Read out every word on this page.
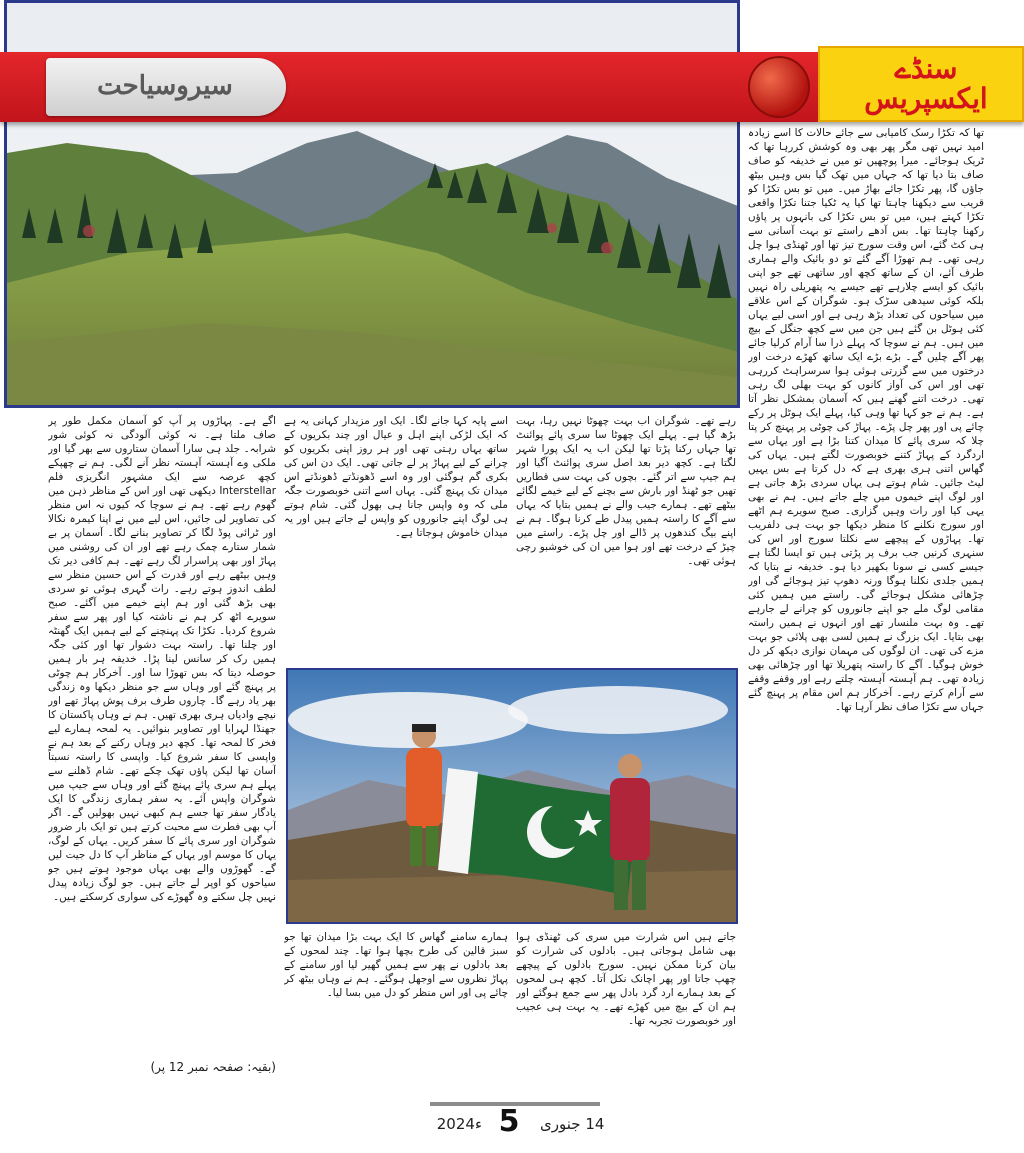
سیروسیاحت
سنڈے ایکسپریس
تھا کہ تکڑا رسک کامیابی سے جائے حالات کا اسے زیادہ امید نہیں تھی مگر پھر بھی وہ کوشش کررہا تھا کہ ٹریک ہوجائے۔ میرا پوچھیں تو میں نے خدیفہ کو صاف صاف بتا دیا تھا کہ جہاں میں تھک گیا بس وہیں بیٹھ جاؤں گا، پھر تکڑا جائے بھاڑ میں۔ میں تو بس تکڑا کو قریب سے دیکھنا چاہتا تھا کیا یہ ٹکیا جتنا تکڑا واقعی تکڑا کہتے ہیں، میں تو بس تکڑا کی بانہوں پر پاؤں رکھنا چاہتا تھا۔ بس آدھے راستے تو بہت آسانی سے ہی کٹ گئے، اس وقت سورج تیز تھا اور ٹھنڈی ہوا چل رہی تھی۔ ہم تھوڑا آگے گئے تو دو بائیک والے ہماری طرف آئے، ان کے ساتھ کچھ اور ساتھی تھے جو اپنی بائیک کو ایسے چلارہے تھے جیسے یہ پتھریلی راہ نہیں بلکہ کوئی سیدھی سڑک ہو۔ شوگران کے اس علاقے میں سیاحوں کی تعداد بڑھ رہی ہے اور اسی لیے یہاں کئی ہوٹل بن گئے ہیں جن میں سے کچھ جنگل کے بیچ میں ہیں۔ ہم نے سوچا کہ پہلے ذرا سا آرام کرلیا جائے پھر آگے چلیں گے۔ بڑے بڑے ایک ساتھ کھڑے درخت اور درختوں میں سے گزرتی ہوئی ہوا سرسراہٹ کررہی تھی اور اس کی آواز کانوں کو بہت بھلی لگ رہی تھی۔ درخت اتنے گھنے ہیں کہ آسمان بمشکل نظر آتا ہے۔ ہم نے جو کہا تھا وہی کیا، پہلے ایک ہوٹل پر رکے چائے پی اور پھر چل پڑے۔ پہاڑ کی چوٹی پر پہنچ کر پتا چلا کہ سری پائے کا میدان کتنا بڑا ہے اور یہاں سے اردگرد کے پہاڑ کتنے خوبصورت لگتے ہیں۔ یہاں کی گھاس اتنی ہری بھری ہے کہ دل کرتا ہے بس یہیں لیٹ جائیں۔ شام ہوتے ہی یہاں سردی بڑھ جاتی ہے اور لوگ اپنے خیموں میں چلے جاتے ہیں۔ ہم نے بھی یہی کیا اور رات وہیں گزاری۔ صبح سویرے ہم اٹھے اور سورج نکلنے کا منظر دیکھا جو بہت ہی دلفریب تھا۔ پہاڑوں کے پیچھے سے نکلتا سورج اور اس کی سنہری کرنیں جب برف پر پڑتی ہیں تو ایسا لگتا ہے جیسے کسی نے سونا بکھیر دیا ہو۔ خدیفہ نے بتایا کہ ہمیں جلدی نکلنا ہوگا ورنہ دھوپ تیز ہوجائے گی اور چڑھائی مشکل ہوجائے گی۔ راستے میں ہمیں کئی مقامی لوگ ملے جو اپنے جانوروں کو چرانے لے جارہے تھے۔ وہ بہت ملنسار تھے اور انہوں نے ہمیں راستہ بھی بتایا۔ ایک بزرگ نے ہمیں لسی بھی پلائی جو بہت مزے کی تھی۔ ان لوگوں کی مہمان نوازی دیکھ کر دل خوش ہوگیا۔ آگے کا راستہ پتھریلا تھا اور چڑھائی بھی زیادہ تھی۔ ہم آہستہ آہستہ چلتے رہے اور وقفے وقفے سے آرام کرتے رہے۔ آخرکار ہم اس مقام پر پہنچ گئے جہاں سے تکڑا صاف نظر آرہا تھا۔
رہے تھے۔ شوگران اب بہت چھوٹا نہیں رہا، بہت بڑھ گیا ہے۔ پہلے ایک چھوٹا سا سری پائے پوائنٹ تھا جہاں رکنا پڑتا تھا لیکن اب یہ ایک پورا شہر لگتا ہے۔ کچھ دیر بعد اصل سری پوائنٹ آگیا اور ہم جیپ سے اتر گئے۔ بچوں کی بہت سی قطاریں تھیں جو ٹھنڈ اور بارش سے بچنے کے لیے خیمے لگائے بیٹھے تھے۔ ہمارے جیب والے نے ہمیں بتایا کہ یہاں سے آگے کا راستہ ہمیں پیدل طے کرنا ہوگا۔ ہم نے اپنے بیگ کندھوں پر ڈالے اور چل پڑے۔ راستے میں چیڑ کے درخت تھے اور ہوا میں ان کی خوشبو رچی ہوئی تھی۔
اسے پایہ کہا جانے لگا۔ ایک اور مزیدار کہانی یہ ہے کہ ایک لڑکی اپنے اہل و عیال اور چند بکریوں کے ساتھ یہاں رہتی تھی اور ہر روز اپنی بکریوں کو چرانے کے لیے پہاڑ پر لے جاتی تھی۔ ایک دن اس کی بکری گم ہوگئی اور وہ اسے ڈھونڈتے ڈھونڈتے اس میدان تک پہنچ گئی۔ یہاں اسے اتنی خوبصورت جگہ ملی کہ وہ واپس جانا ہی بھول گئی۔ شام ہوتے ہی لوگ اپنے جانوروں کو واپس لے جاتے ہیں اور یہ میدان خاموش ہوجاتا ہے۔
اگے ہے۔ پہاڑوں پر آپ کو آسمان مکمل طور پر صاف ملتا ہے۔ نہ کوئی آلودگی نہ کوئی شور شرابہ۔ جلد ہی سارا آسمان ستاروں سے بھر گیا اور ملکی وے آہستہ آہستہ نظر آنے لگی۔ ہم نے چھپکے کچھ عرصہ سے ایک مشہور انگریزی فلم Interstellar دیکھی تھی اور اس کے مناظر ذہن میں گھوم رہے تھے۔ ہم نے سوچا کہ کیوں نہ اس منظر کی تصاویر لی جائیں، اس لیے میں نے اپنا کیمرہ نکالا اور ٹرائی پوڈ لگا کر تصاویر بنانے لگا۔ آسمان پر بے شمار ستارے چمک رہے تھے اور ان کی روشنی میں پہاڑ اور بھی پراسرار لگ رہے تھے۔ ہم کافی دیر تک وہیں بیٹھے رہے اور قدرت کے اس حسین منظر سے لطف اندوز ہوتے رہے۔ رات گہری ہوئی تو سردی بھی بڑھ گئی اور ہم اپنے خیمے میں آگئے۔ صبح سویرے اٹھ کر ہم نے ناشتہ کیا اور پھر سے سفر شروع کردیا۔ تکڑا تک پہنچنے کے لیے ہمیں ایک گھنٹہ اور چلنا تھا۔ راستہ بہت دشوار تھا اور کئی جگہ ہمیں رک کر سانس لینا پڑا۔ خدیفہ ہر بار ہمیں حوصلہ دیتا کہ بس تھوڑا سا اور۔ آخرکار ہم چوٹی پر پہنچ گئے اور وہاں سے جو منظر دیکھا وہ زندگی بھر یاد رہے گا۔ چاروں طرف برف پوش پہاڑ تھے اور نیچے وادیاں ہری بھری تھیں۔ ہم نے وہاں پاکستان کا جھنڈا لہرایا اور تصاویر بنوائیں۔ یہ لمحہ ہمارے لیے فخر کا لمحہ تھا۔ کچھ دیر وہاں رکنے کے بعد ہم نے واپسی کا سفر شروع کیا۔ واپسی کا راستہ نسبتاً آسان تھا لیکن پاؤں تھک چکے تھے۔ شام ڈھلنے سے پہلے ہم سری پائے پہنچ گئے اور وہاں سے جیپ میں شوگران واپس آئے۔ یہ سفر ہماری زندگی کا ایک یادگار سفر تھا جسے ہم کبھی نہیں بھولیں گے۔ اگر آپ بھی فطرت سے محبت کرتے ہیں تو ایک بار ضرور شوگران اور سری پائے کا سفر کریں۔ یہاں کے لوگ، یہاں کا موسم اور یہاں کے مناظر آپ کا دل جیت لیں گے۔ گھوڑوں والے بھی یہاں موجود ہوتے ہیں جو سیاحوں کو اوپر لے جاتے ہیں۔ جو لوگ زیادہ پیدل نہیں چل سکتے وہ گھوڑے کی سواری کرسکتے ہیں۔
جاتے ہیں اس شرارت میں سری کی ٹھنڈی ہوا بھی شامل ہوجاتی ہیں۔ بادلوں کی شرارت کو بیان کرنا ممکن نہیں۔ سورج بادلوں کے پیچھے چھپ جاتا اور پھر اچانک نکل آتا۔ کچھ ہی لمحوں کے بعد ہمارے ارد گرد بادل پھر سے جمع ہوگئے اور ہم ان کے بیچ میں کھڑے تھے۔ یہ بہت ہی عجیب اور خوبصورت تجربہ تھا۔
ہمارے سامنے گھاس کا ایک بہت بڑا میدان تھا جو سبز قالین کی طرح بچھا ہوا تھا۔ چند لمحوں کے بعد بادلوں نے پھر سے ہمیں گھیر لیا اور سامنے کے پہاڑ نظروں سے اوجھل ہوگئے۔ ہم نے وہاں بیٹھ کر چائے پی اور اس منظر کو دل میں بسا لیا۔
(بقیہ: صفحہ نمبر 12 پر)
14 جنوری
5
2024ء
